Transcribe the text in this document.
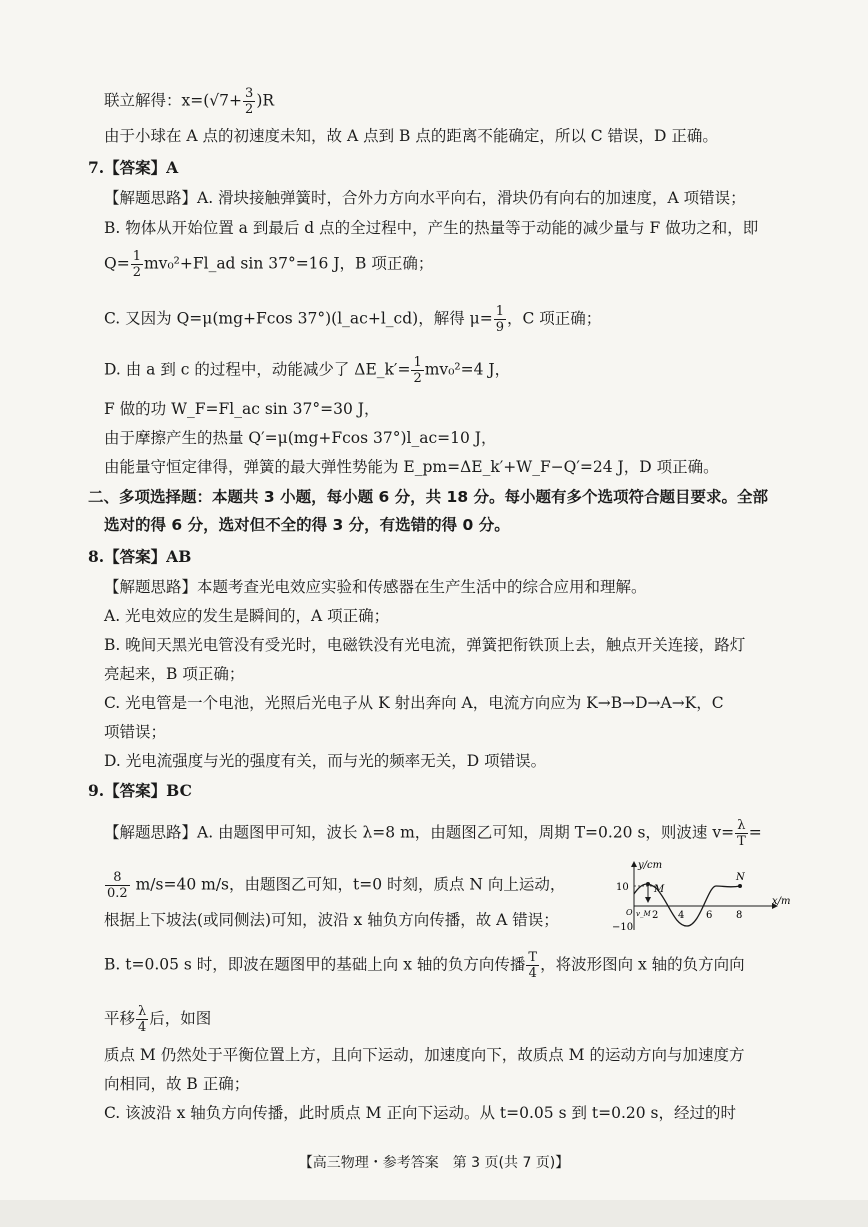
联立解得：$x=(√7+ \frac{3}{2} )R$
由于小球在 A 点的初速度未知，故 A 点到 B 点的距离不能确定，所以 C 错误，D 正确。
7.【答案】A
【解题思路】A. 滑块接触弹簧时，合外力方向水平向右，滑块仍有向右的加速度，A 项错误；
B. 物体从开始位置 a 到最后 d 点的全过程中，产生的热量等于动能的减少量与 F 做功之和，即
$Q= \frac{1}{2}$ mv₀²+Fl_ad sin 37°=16 J，B 项正确；
C. 又因为 Q=μ(mg+Fcos 37°)(l_ac+l_cd)，解得 $\mu= \frac{1}{9}$ ，C 项正确；
D. 由 a 到 c 的过程中，动能减少了 ΔE_k′= $\frac{1}{2} mv_0^2=4$ J，
F 做的功 W_F=Fl_ac sin 37°=30 J，
由于摩擦产生的热量 Q′=μ(mg+Fcos 37°)l_ac=10 J，
由能量守恒定律得，弹簧的最大弹性势能为 E_pm=ΔE_k′+W_F−Q′=24 J，D 项正确。
二、多项选择题：本题共 3 小题，每小题 6 分，共 18 分。每小题有多个选项符合题目要求。全部
选对的得 6 分，选对但不全的得 3 分，有选错的得 0 分。
8.【答案】AB
【解题思路】本题考查光电效应实验和传感器在生产生活中的综合应用和理解。
A. 光电效应的发生是瞬间的，A 项正确；
B. 晚间天黑光电管没有受光时，电磁铁没有光电流，弹簧把衔铁顶上去，触点开关连接，路灯
亮起来，B 项正确；
C. 光电管是一个电池，光照后光电子从 K 射出奔向 A，电流方向应为 K→B→D→A→K，C
项错误；
D. 光电流强度与光的强度有关，而与光的频率无关，D 项错误。
9.【答案】BC
【解题思路】A. 由题图甲可知，波长 λ=8 m，由题图乙可知，周期 T=0.20 s，则波速 $v= \frac{\lambda}{T}$ =
$\frac{8}{0.2} m/s=40$ m/s，由题图乙可知，t=0 时刻，质点 N 向上运动，
根据上下坡法(或同侧法)可知，波沿 x 轴负方向传播，故 A 错误；
y/cm
x/m
10
−10
2 4 6 8
M
N
v_M
O
B. t=0.05 s 时，即波在题图甲的基础上向 x 轴的负方向传播 $\frac{T}{4}$ ，将波形图向 x 轴的负方向向
平移 $\frac{\lambda}{4}$ 后，如图
质点 M 仍然处于平衡位置上方，且向下运动，加速度向下，故质点 M 的运动方向与加速度方
向相同，故 B 正确；
C. 该波沿 x 轴负方向传播，此时质点 M 正向下运动。从 t=0.05 s 到 t=0.20 s，经过的时
【高三物理・参考答案　第 3 页(共 7 页)】
